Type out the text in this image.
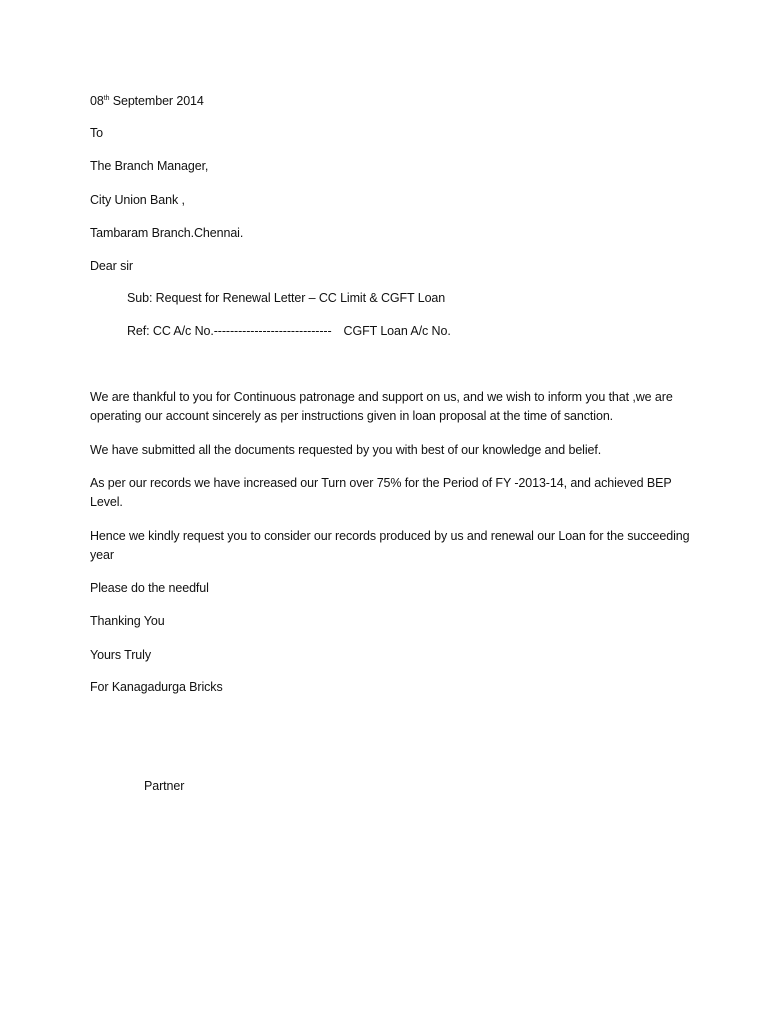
08th September 2014
To
The Branch Manager,
City Union Bank ,
Tambaram Branch.Chennai.
Dear sir
Sub: Request for Renewal Letter – CC Limit & CGFT Loan
Ref: CC A/c No.----------------------------- CGFT Loan A/c No.
We are thankful to you for Continuous patronage and support on us, and we wish to inform you that ,we are operating our account sincerely as per instructions given in loan proposal at the time of sanction.
We have submitted all the documents requested by you with best of our knowledge and belief.
As per our records we have increased our Turn over 75% for the Period of FY -2013-14, and achieved BEP Level.
Hence we kindly request you to consider our records produced by us and renewal our Loan for the succeeding year
Please do the needful
Thanking You
Yours Truly
For Kanagadurga Bricks
Partner
